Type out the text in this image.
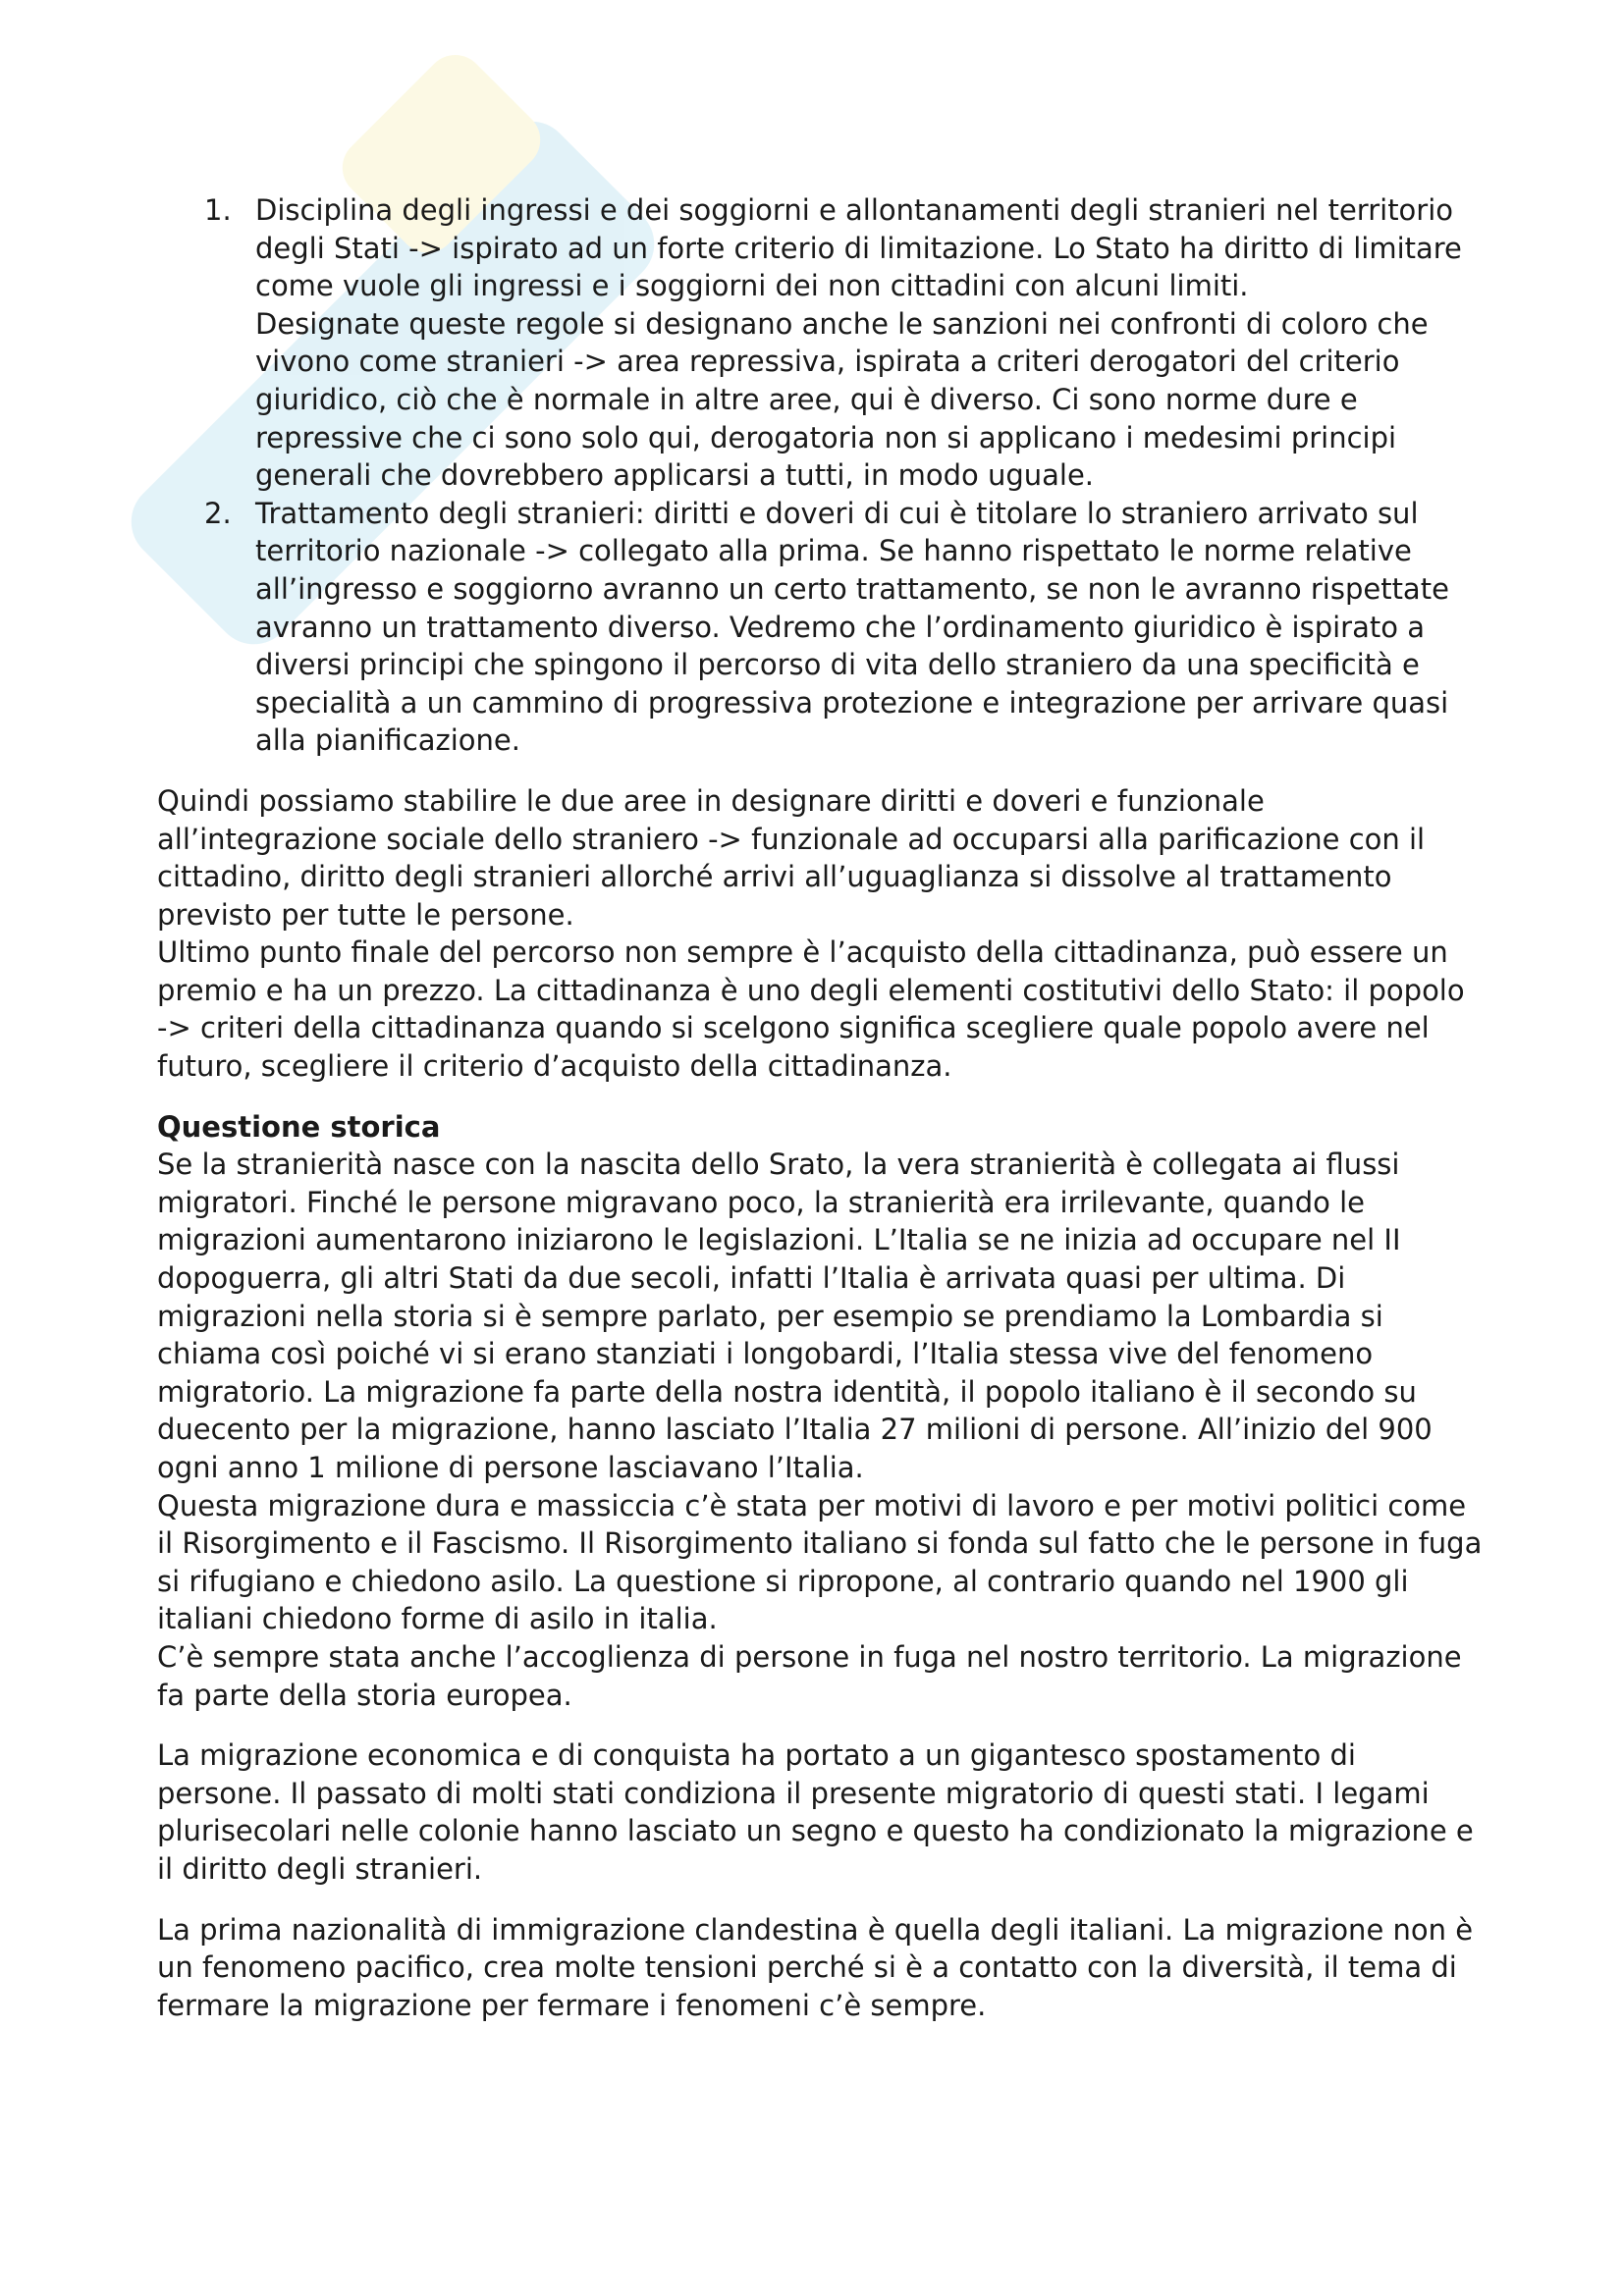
1. Disciplina degli ingressi e dei soggiorni e allontanamenti degli stranieri nel territorio degli Stati -> ispirato ad un forte criterio di limitazione. Lo Stato ha diritto di limitare come vuole gli ingressi e i soggiorni dei non cittadini con alcuni limiti.

Designate queste regole si designano anche le sanzioni nei confronti di coloro che vivono come stranieri -> area repressiva, ispirata a criteri derogatori del criterio giuridico, ciò che è normale in altre aree, qui è diverso. Ci sono norme dure e repressive che ci sono solo qui, derogatoria non si applicano i medesimi principi generali che dovrebbero applicarsi a tutti, in modo uguale.

2. Trattamento degli stranieri: diritti e doveri di cui è titolare lo straniero arrivato sul territorio nazionale -> collegato alla prima. Se hanno rispettato le norme relative all’ingresso e soggiorno avranno un certo trattamento, se non le avranno rispettate avranno un trattamento diverso. Vedremo che l’ordinamento giuridico è ispirato a diversi principi che spingono il percorso di vita dello straniero da una specificità e specialità a un cammino di progressiva protezione e integrazione per arrivare quasi alla pianificazione.

Quindi possiamo stabilire le due aree in designare diritti e doveri e funzionale all’integrazione sociale dello straniero -> funzionale ad occuparsi alla parificazione con il cittadino, diritto degli stranieri allorché arrivi all’uguaglianza si dissolve al trattamento previsto per tutte le persone.

Ultimo punto finale del percorso non sempre è l’acquisto della cittadinanza, può essere un premio e ha un prezzo. La cittadinanza è uno degli elementi costitutivi dello Stato: il popolo -> criteri della cittadinanza quando si scelgono significa scegliere quale popolo avere nel futuro, scegliere il criterio d’acquisto della cittadinanza.

Questione storica

Se la stranierità nasce con la nascita dello Srato, la vera stranierità è collegata ai flussi migratori. Finché le persone migravano poco, la stranierità era irrilevante, quando le migrazioni aumentarono iniziarono le legislazioni. L’Italia se ne inizia ad occupare nel II dopoguerra, gli altri Stati da due secoli, infatti l’Italia è arrivata quasi per ultima. Di migrazioni nella storia si è sempre parlato, per esempio se prendiamo la Lombardia si chiama così poiché vi si erano stanziati i longobardi, l’Italia stessa vive del fenomeno migratorio. La migrazione fa parte della nostra identità, il popolo italiano è il secondo su duecento per la migrazione, hanno lasciato l’Italia 27 milioni di persone. All’inizio del 900 ogni anno 1 milione di persone lasciavano l’Italia.

Questa migrazione dura e massiccia c’è stata per motivi di lavoro e per motivi politici come il Risorgimento e il Fascismo. Il Risorgimento italiano si fonda sul fatto che le persone in fuga si rifugiano e chiedono asilo. La questione si ripropone, al contrario quando nel 1900 gli italiani chiedono forme di asilo in italia.

C’è sempre stata anche l’accoglienza di persone in fuga nel nostro territorio. La migrazione fa parte della storia europea.

La migrazione economica e di conquista ha portato a un gigantesco spostamento di persone. Il passato di molti stati condiziona il presente migratorio di questi stati. I legami plurisecolari nelle colonie hanno lasciato un segno e questo ha condizionato la migrazione e il diritto degli stranieri.

La prima nazionalità di immigrazione clandestina è quella degli italiani. La migrazione non è un fenomeno pacifico, crea molte tensioni perché si è a contatto con la diversità, il tema di fermare la migrazione per fermare i fenomeni c’è sempre.
